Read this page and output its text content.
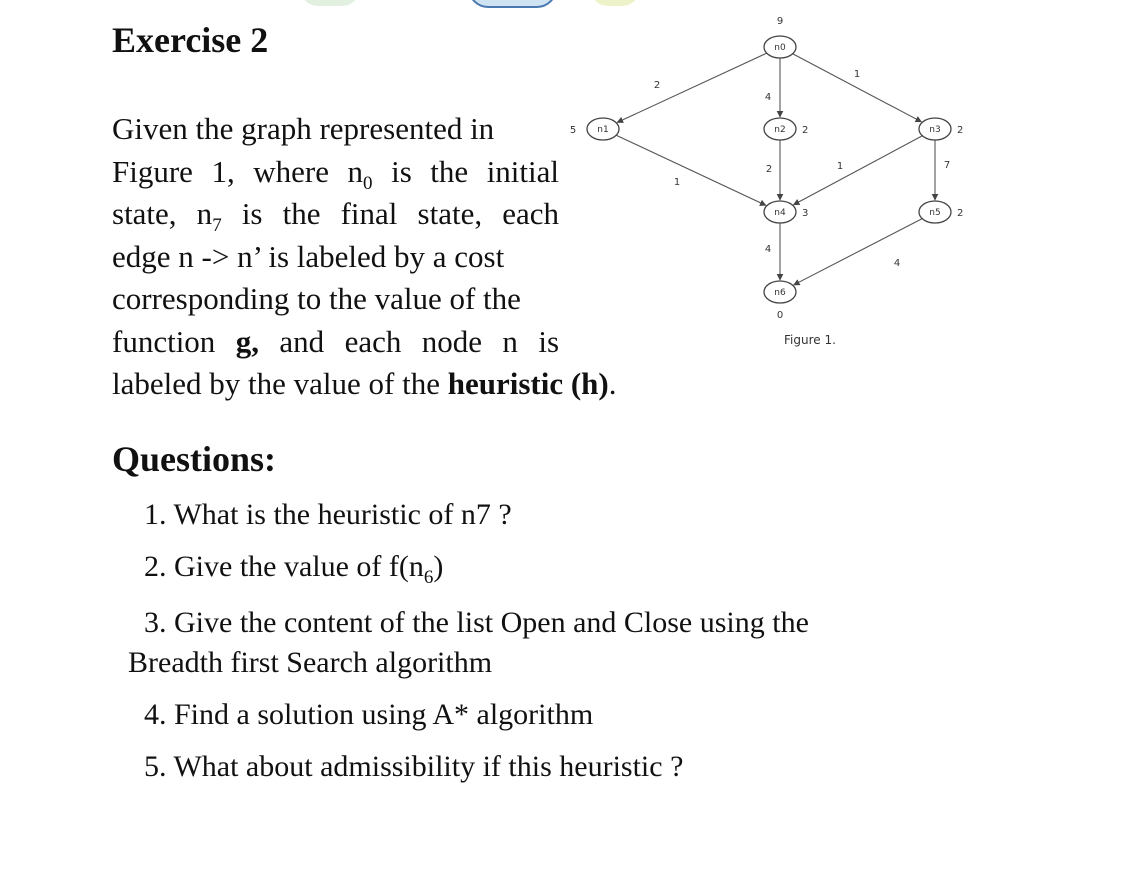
Exercise 2
Given the graph represented in
Figure 1, where $n_0$ is the initial
state, $n_7$ is the final state, each
edge n -> n’ is labeled by a cost
corresponding to the value of the
function g, and each node n is
labeled by the value of the heuristic (h).
2
4
1
1
2	1	7
4
4
n0
9
n1
5	n2 2	n3 2
n4 3	n5 2
n6
0
Figure 1.
Questions:
1. What is the heuristic of n7 ?
2. Give the value of $f(n_6)$
3. Give the content of the list Open and Close using the
Breadth first Search algorithm
4. Find a solution using A* algorithm
5. What about admissibility if this heuristic ?
